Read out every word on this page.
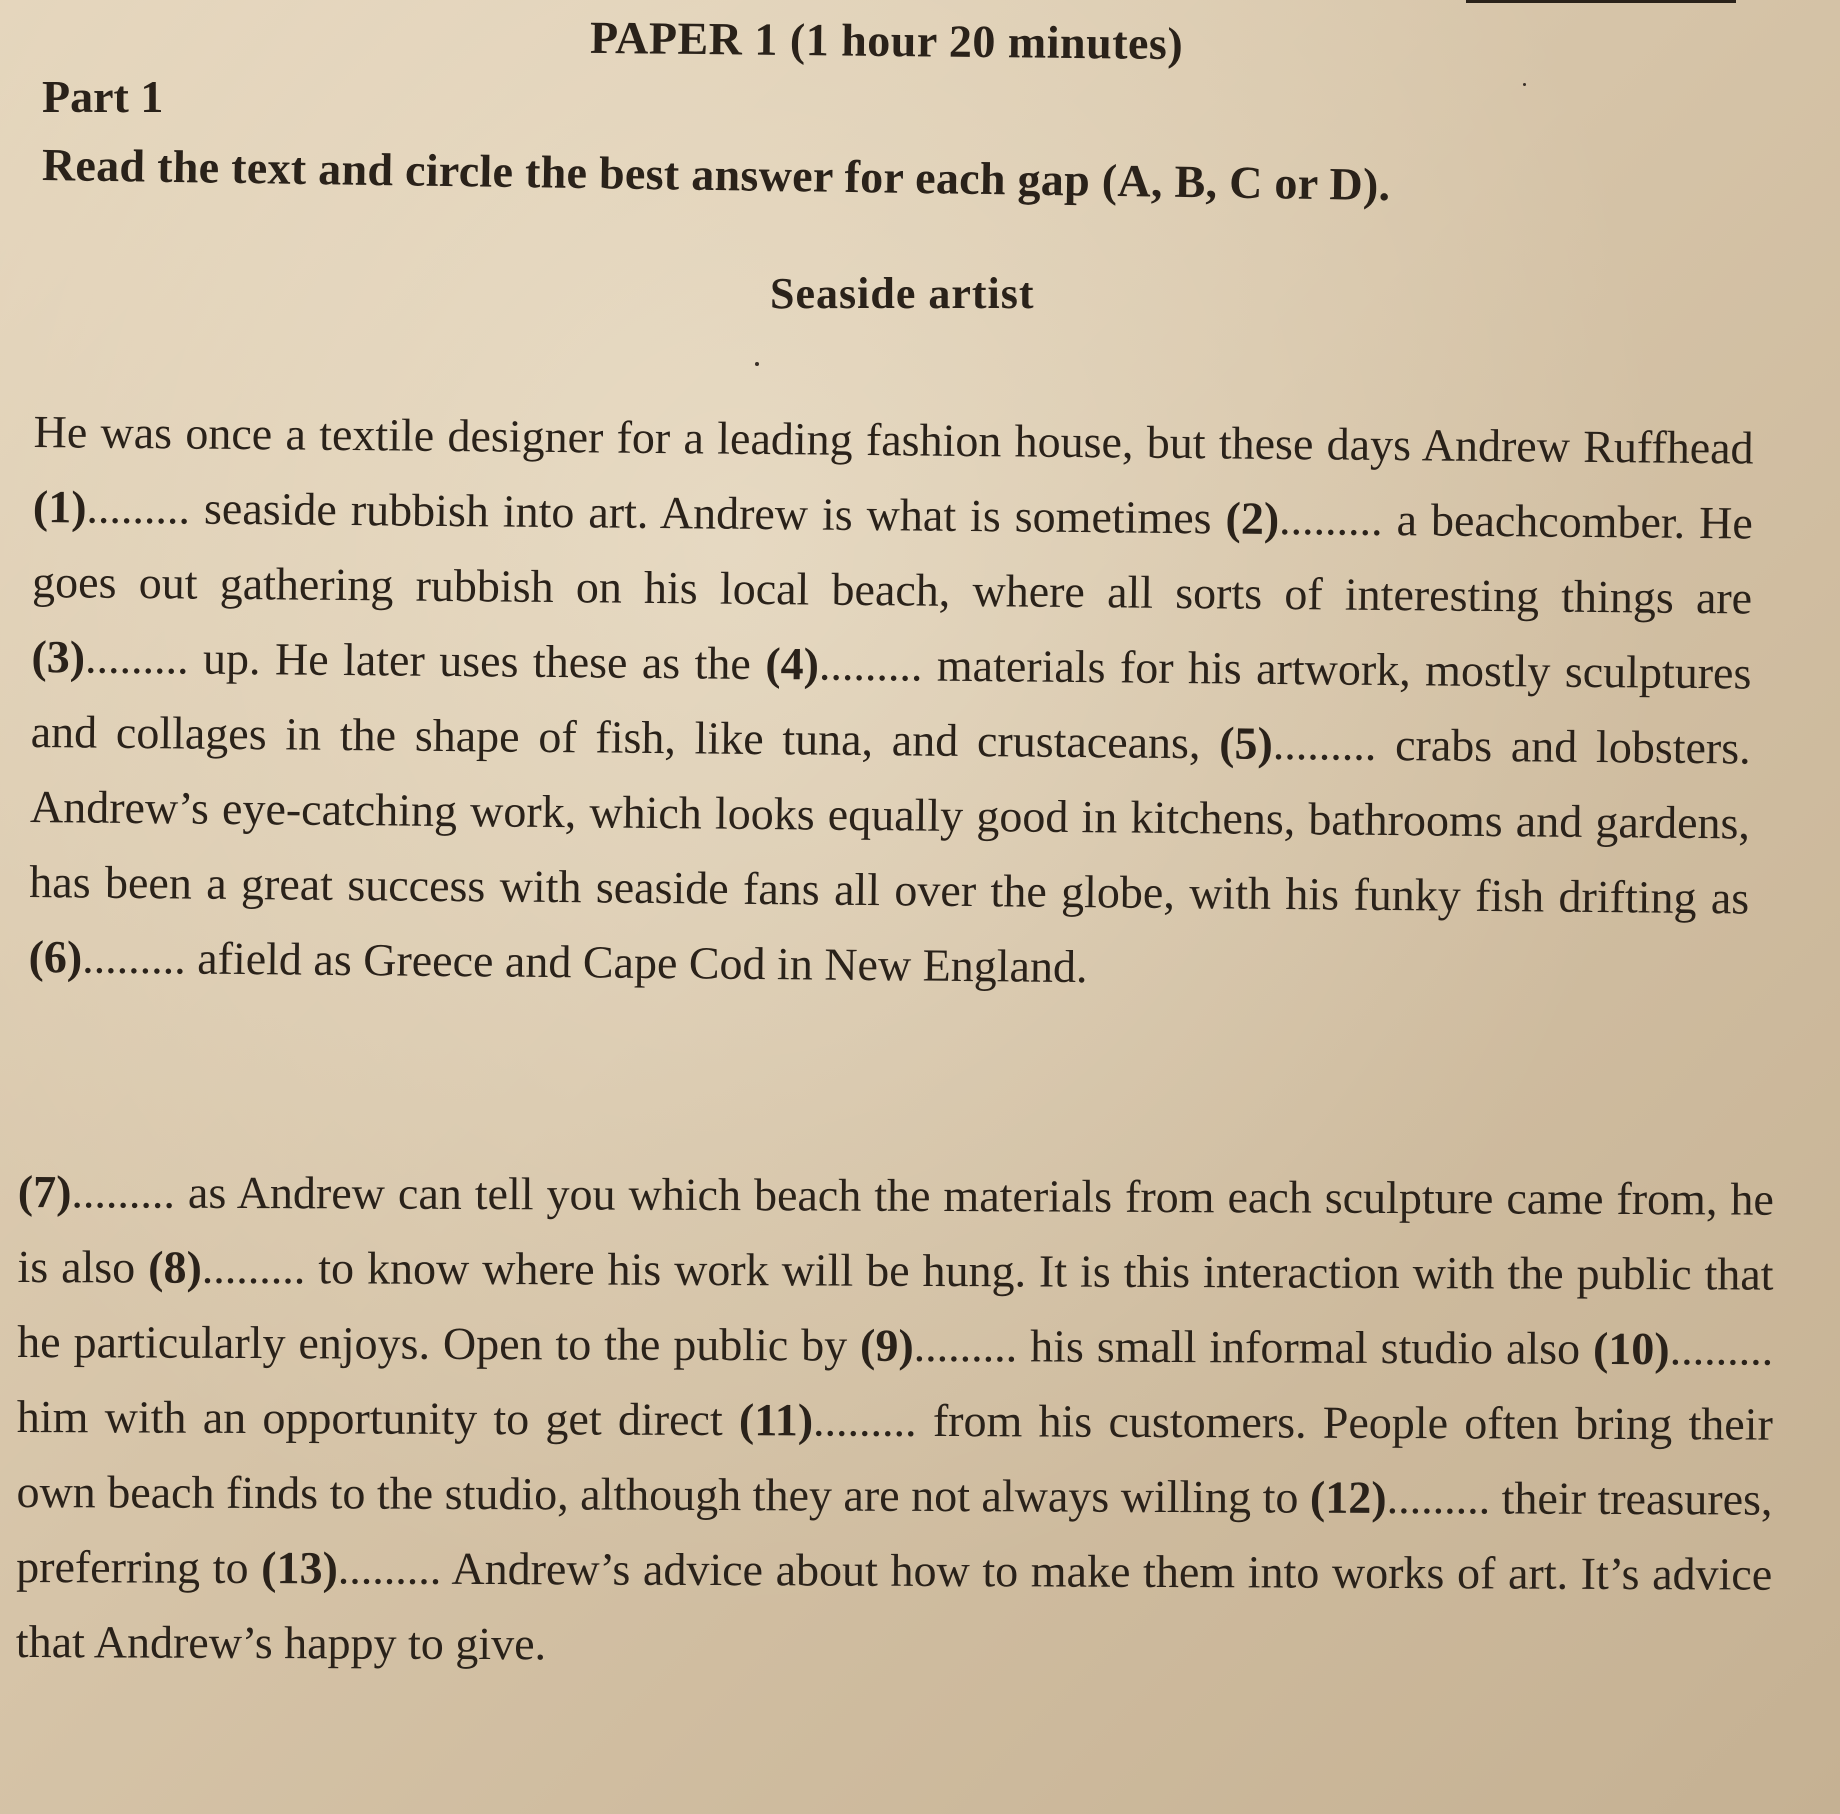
PAPER 1 (1 hour 20 minutes)
Part 1
Read the text and circle the best answer for each gap (A, B, C or D).
Seaside artist

He was once a textile designer for a leading fashion house, but these days Andrew Ruffhead (1)......... seaside rubbish into art. Andrew is what is sometimes (2)......... a beachcomber. He goes out gathering rubbish on his local beach, where all sorts of interesting things are (3)......... up. He later uses these as the (4)......... materials for his artwork, mostly sculptures and collages in the shape of fish, like tuna, and crustaceans, (5)......... crabs and lobsters. Andrew’s eye-catching work, which looks equally good in kitchens, bathrooms and gardens, has been a great success with seaside fans all over the globe, with his funky fish drifting as (6)......... afield as Greece and Cape Cod in New England.

(7)......... as Andrew can tell you which beach the materials from each sculpture came from, he is also (8)......... to know where his work will be hung. It is this interaction with the public that he particularly enjoys. Open to the public by (9)......... his small informal studio also (10)......... him with an opportunity to get direct (11)......... from his customers. People often bring their own beach finds to the studio, although they are not always willing to (12)......... their treasures, preferring to (13)......... Andrew’s advice about how to make them into works of art. It’s advice that Andrew’s happy to give.
